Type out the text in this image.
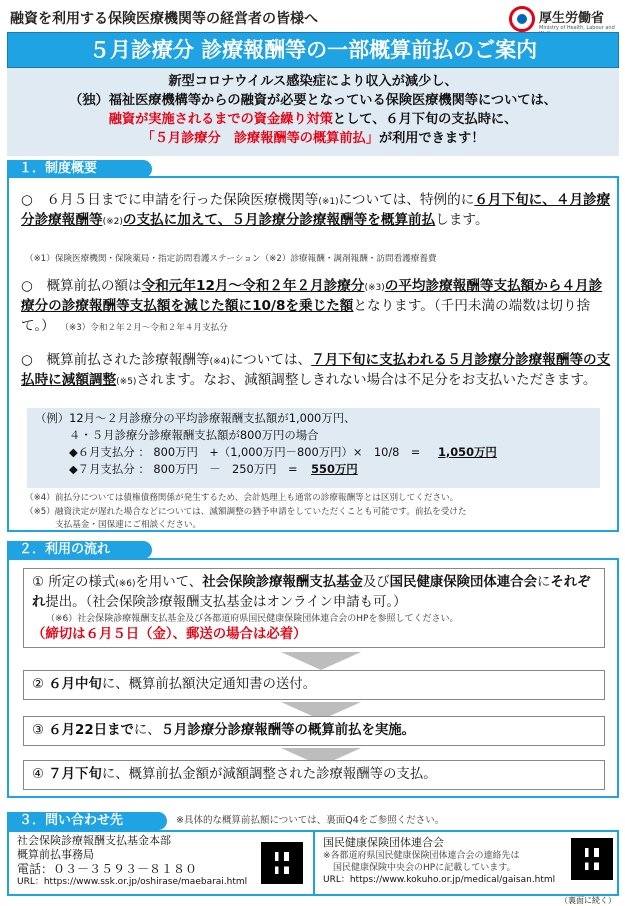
融資を利用する保険医療機関等の経営者の皆様へ	厚生労働省
Ministry of Health, Labour and
５月診療分 診療報酬等の一部概算前払のご案内
新型コロナウイルス感染症により収入が減少し、
（独）福祉医療機構等からの融資が必要となっている保険医療機関等については、
融資が実施されるまでの資金繰り対策として、６月下旬の支払時に、
「５月診療分　診療報酬等の概算前払」が利用できます！
１．制度概要
○　６月５日までに申請を行った保険医療機関等(※1)については、特例的に６月下旬に、４月診療分診療報酬等(※2)の支払に加えて、５月診療分診療報酬等を概算前払します。
（※1）保険医療機関・保険薬局・指定訪問看護ステーション（※2）診療報酬・調剤報酬・訪問看護療養費
○　概算前払の額は令和元年12月～令和２年２月診療分(※3)の平均診療報酬等支払額から４月診療分の診療報酬等支払額を減じた額に10/8を乗じた額となります。（千円未満の端数は切り捨て。） （※3）令和２年２月～令和２年４月支払分
○　概算前払された診療報酬等(※4)については、７月下旬に支払われる５月診療分診療報酬等の支払時に減額調整(※5)されます。なお、減額調整しきれない場合は不足分をお支払いただきます。
（※4）前払分については債権債務関係が発生するため、会計処理上も通常の診療報酬等とは区別してください。
（※5）融資決定が遅れた場合などについては、減額調整の猶予申請をしていただくことも可能です。前払を受けた
支払基金・国保連にご相談ください。
（例）12月～２月診療分の平均診療報酬支払額が1,000万円、
４・５月診療分診療報酬支払額が800万円の場合
◆６月支払分 ： 800万円　+（1,000万円－800万円）×　10/8　= 1,050万円
◆７月支払分 ： 800万円　－　250万円　= 550万円
２．利用の流れ
① 所定の様式(※6)を用いて、社会保険診療報酬支払基金及び国民健康保険団体連合会にそれぞれ提出。（社会保険診療報酬支払基金はオンライン申請も可。）
（※6）社会保険診療報酬支払基金及び各都道府県国民健康保険団体連合会のHPを参照してください。
（締切は６月５日（金）、郵送の場合は必着）
② ６月中旬に、概算前払額決定通知書の送付。
③ ６月22日までに、５月診療分診療報酬等の概算前払を実施。
④ ７月下旬に、概算前払金額が減額調整された診療報酬等の支払。
３．問い合わせ先	※具体的な概算前払額については、裏面Q4をご参照ください。
社会保険診療報酬支払基金本部
概算前払事務局
電話：０３－３５９３－８１８０
URL：https://www.ssk.or.jp/oshirase/maebarai.html
国民健康保険団体連合会
※各都道府県国民健康保険団体連合会の連絡先は
国民健康保険中央会のHPに記載しています。
URL：https://www.kokuho.or.jp/medical/gaisan.html
（裏面に続く）
